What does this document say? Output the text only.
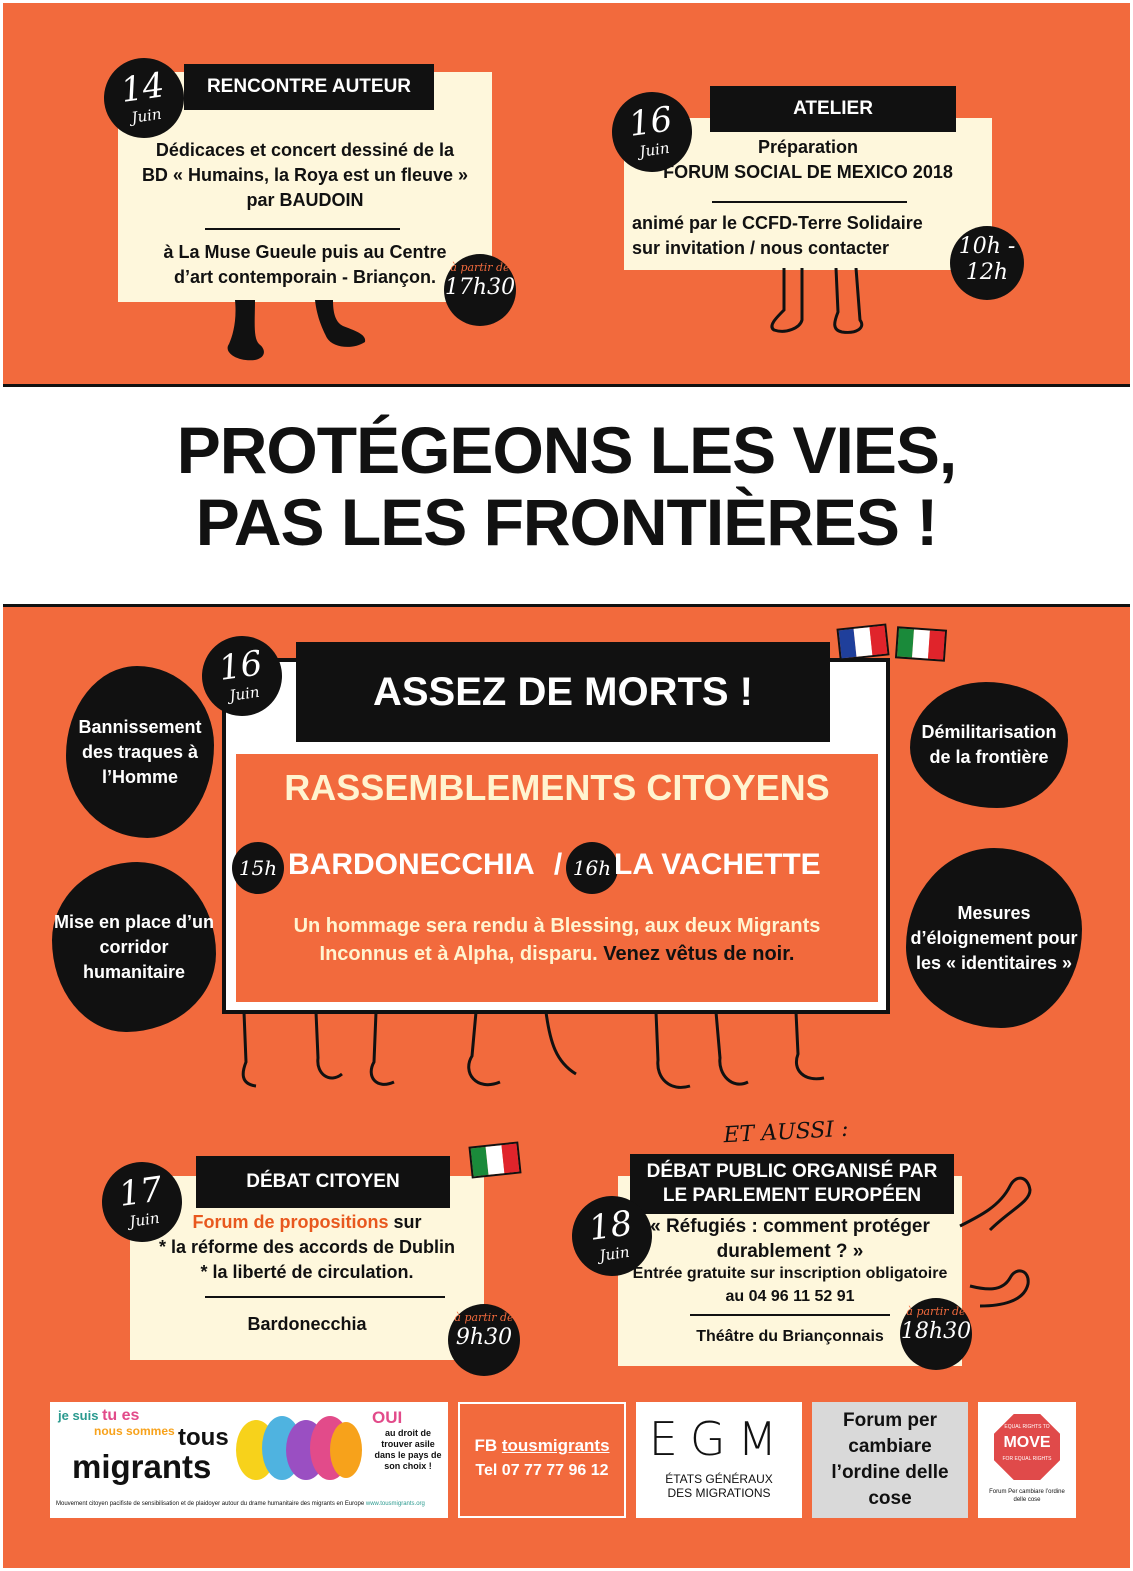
PROTÉGEONS LES VIES,
PAS LES FRONTIÈRES !
RENCONTRE AUTEUR
14
Juin
Dédicaces et concert dessiné de la
BD « Humains, la Roya est un fleuve »
par BAUDOIN
à La Muse Gueule puis au Centre
d’art contemporain - Briançon.	à partir de
17h30
ATELIER
16
Juin	Préparation
FORUM SOCIAL DE MEXICO 2018
animé par le CCFD-Terre Solidaire
sur invitation / nous contacter	10h -
12h
ASSEZ DE MORTS !
16
Juin
RASSEMBLEMENTS CITOYENS
15h BARDONECCHIA / 16h LA VACHETTE
Un hommage sera rendu à Blessing, aux deux Migrants Inconnus et à Alpha, disparu. Venez vêtus de noir.
Bannissement des traques à l’Homme
Mise en place d’un corridor humanitaire
Démilitarisation de la frontière
Mesures d’éloignement pour les « identitaires »
DÉBAT CITOYEN
17
Juin	Forum de propositions sur
* la réforme des accords de Dublin
* la liberté de circulation.
Bardonecchia	à partir de
9h30
ET AUSSI :
DÉBAT PUBLIC ORGANISÉ PAR
LE PARLEMENT EUROPÉEN
18
Juin
« Réfugiés : comment protéger
durablement ? »
Entrée gratuite sur inscription obligatoire
au 04 96 11 52 91
Théâtre du Briançonnais
à partir de
18h30
je suis tu es
nous sommes tous
migrants
OUI
au droit de trouver asile dans le pays de son choix !
Mouvement citoyen pacifiste de sensibilisation et de plaidoyer autour du drame humanitaire des migrants en Europe www.tousmigrants.org
FB tousmigrants
Tel 07 77 77 96 12
EGM
ÉTATS GÉNÉRAUX
DES MIGRATIONS
Forum per cambiare l’ordine delle cose
EQUAL RIGHTS TO
MOVE
FOR EQUAL RIGHTS
Forum Per cambiare l’ordine delle cose
